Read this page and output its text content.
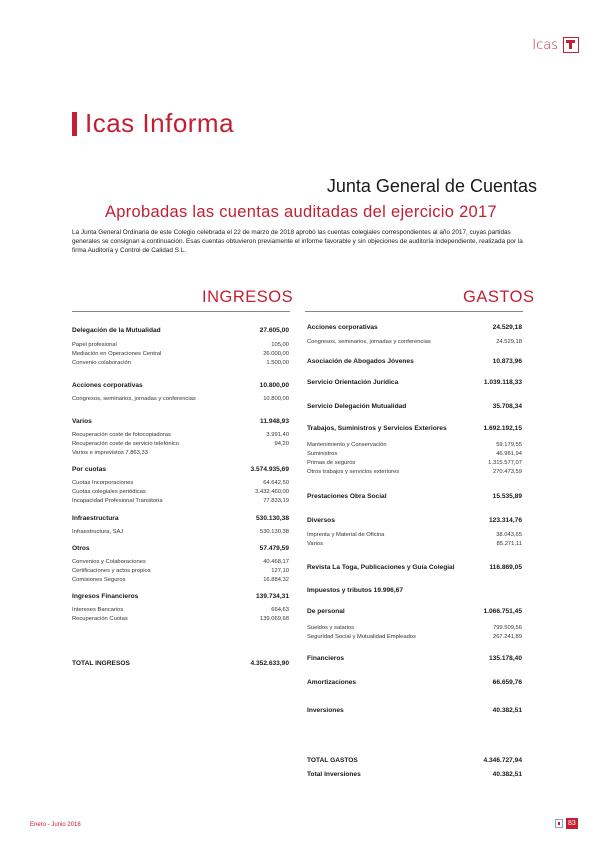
Icas
Icas Informa
Junta General de Cuentas
Aprobadas las cuentas auditadas del ejercicio 2017
La Junta General Ordinaria de este Colegio celebrada el 22 de marzo de 2018 aprobó las cuentas colegiales correspondientes al año 2017, cuyas partidas generales se consignan a continuación. Esas cuentas obtuvieron previamente el informe favorable y sin objeciones de auditoría independiente, realizada por la firma Auditoría y Control de Calidad S.L.
INGRESOS	GASTOS
Delegación de la Mutualidad	27.605,00
Papel profesional	105,00
Mediación en Operaciones Central	26.000,00
Convenio colaboración	1.500,00
Acciones corporativas	10.800,00
Congresos, seminarios, jornadas y conferencias	10.800,00
Varios	11.948,93
Recuperación coste de fotocopiadoras	3.991,40
Recuperación coste de servicio telefónico	94,20
Varios e imprevistos 7.863,33
Por cuotas	3.574.935,69
Cuotas Incorporaciones	64.642,50
Cuotas colegiales periódicas	3.432.460,00
Incapacidad Profesional Transitoria	77.833,19
Infraestructura	530.130,38
Infraestructura, SAJ	530.130,38
Otros	57.479,59
Convenios y Colaboraciones	40.468,17
Certificaciones y actos propios	127,10
Comisiones Seguros	16.884,32
Ingresos Financieros	139.734,31
Intereses Bancarios	664,63
Recuperación Cuotas	139.069,68
Acciones corporativas	24.529,18
Congresos, seminarios, jornadas y conferencias	24.529,18
Asociación de Abogados Jóvenes	10.873,96
Servicio Orientación Jurídica	1.039.118,33
Servicio Delegación Mutualidad	35.708,34
Trabajos, Suministros y Servicios Exteriores	1.692.192,15
Mantenimiento y Conservación	59.179,55
Suministros	46.961,94
Primas de seguros	1.315.577,07
Otros trabajos y servicios exteriores	270.473,59
Prestaciones Obra Social	15.535,89
Diversos	123.314,76
Imprenta y Material de Oficina	38.043,65
Varios	85.271,11
Revista La Toga, Publicaciones y Guía Colegial	116.869,05
Impuestos y tributos 19.996,67
De personal	1.066.751,45
Sueldos y salarios	799.509,56
Seguridad Social y Mutualidad Empleados	267.241,89
Financieros	135.178,40
Amortizaciones	66.659,76
Inversiones	40.382,51
TOTAL INGRESOS	4.352.633,90
TOTAL GASTOS	4.346.727,94
Total Inversiones	40.382,51
Enero - Junio 2018	83
